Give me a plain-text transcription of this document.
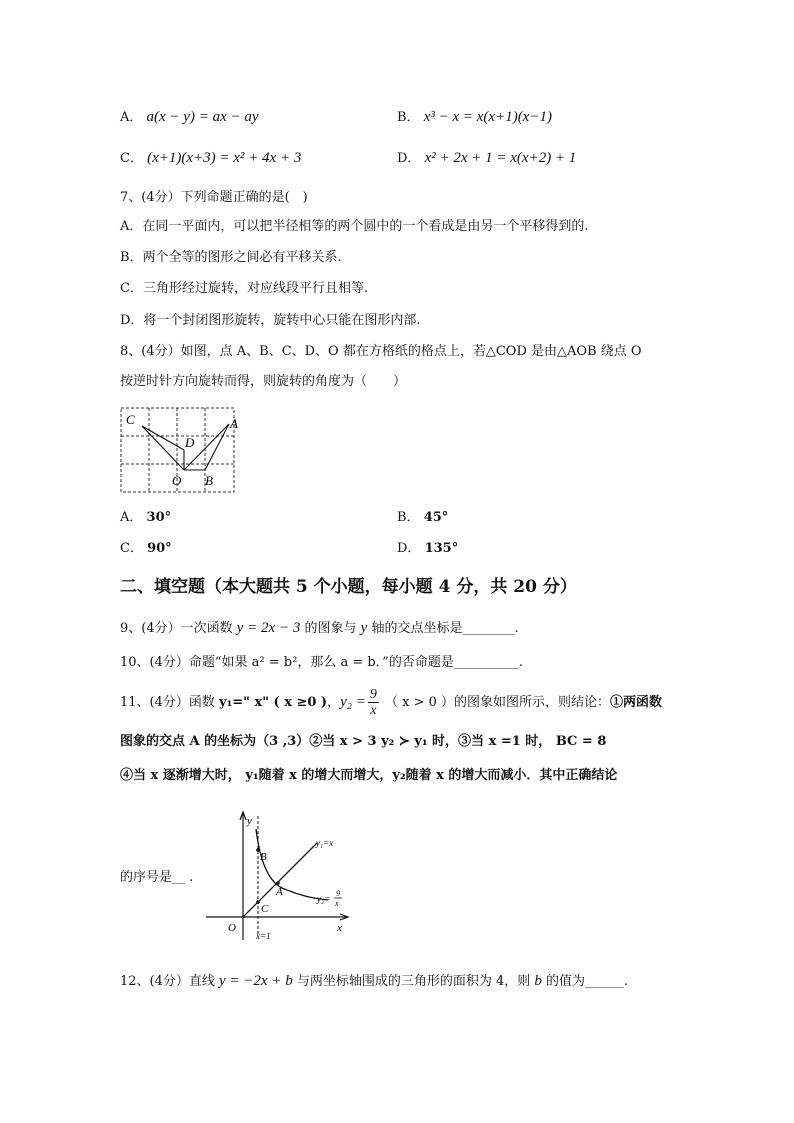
A． a(x − y) = ax − ay	B． x³ − x = x(x+1)(x−1)
C． (x+1)(x+3) = x² + 4x + 3	D． x² + 2x + 1 = x(x+2) + 1
7、(4分）下列命题正确的是(　)
A．在同一平面内，可以把半径相等的两个圆中的一个看成是由另一个平移得到的.
B．两个全等的图形之间必有平移关系.
C．三角形经过旋转，对应线段平行且相等.
D．将一个封闭图形旋转，旋转中心只能在图形内部.
8、(4分）如图，点 A、B、C、D、O 都在方格纸的格点上，若△COD 是由△AOB 绕点 O
按逆时针方向旋转而得，则旋转的角度为（　　）
C	A
D
O B
A． 30°	B． 45°
C． 90°	D． 135°
二、填空题（本大题共 5 个小题，每小题 4 分，共 20 分）
9、(4分）一次函数 y = 2x − 3 的图象与 y 轴的交点坐标是________.
10、(4分）命题“如果 a² = b²，那么 a = b．”的否命题是__________.
11、(4分）函数 y₁=" x" ( x ≥0 )，$y_2 = \frac{9}{x}$ （ x > 0 ）的图象如图所示，则结论：①两函数
图象的交点 A 的坐标为（3 ,3）②当 x > 3 y₂ ≻ y₁ 时，③当 x =1 时， BC = 8
④当 x 逐渐增大时， y₁随着 x 的增大而增大，y₂随着 x 的增大而减小．其中正确结论
y
x
O
B
A
C
x=1
y₁=x
y₂=
9
x
的序号是__ .
12、(4分）直线 y = −2x + b 与两坐标轴围成的三角形的面积为 4，则 b 的值为______.
